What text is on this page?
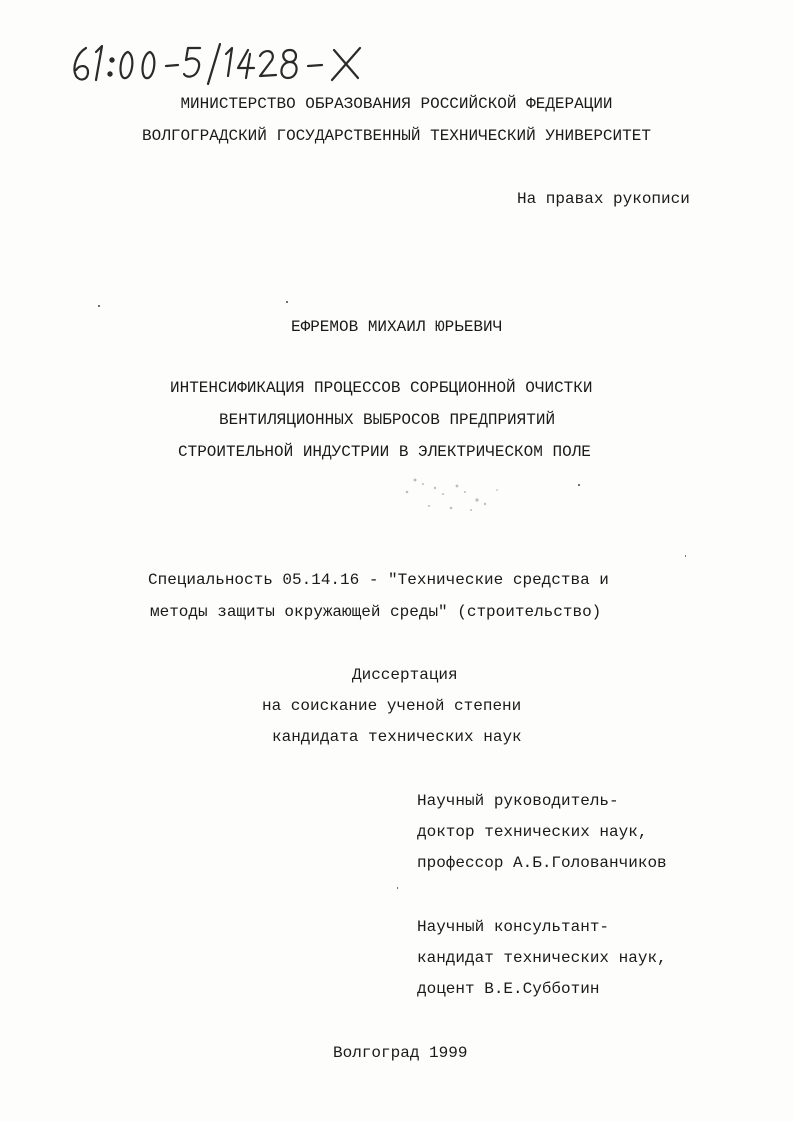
МИНИСТЕРСТВО ОБРАЗОВАНИЯ РОССИЙСКОЙ ФЕДЕРАЦИИ
ВОЛГОГРАДСКИЙ ГОСУДАРСТВЕННЫЙ ТЕХНИЧЕСКИЙ УНИВЕРСИТЕТ
На правах рукописи
ЕФРЕМОВ МИХАИЛ ЮРЬЕВИЧ
ИНТЕНСИФИКАЦИЯ ПРОЦЕССОВ СОРБЦИОННОЙ ОЧИСТКИ
ВЕНТИЛЯЦИОННЫХ ВЫБРОСОВ ПРЕДПРИЯТИЙ
СТРОИТЕЛЬНОЙ ИНДУСТРИИ В ЭЛЕКТРИЧЕСКОМ ПОЛЕ
Специальность 05.14.16 - "Технические средства и
методы защиты окружающей среды" (строительство)
Диссертация
на соискание ученой степени
кандидата технических наук
Научный руководитель-
доктор технических наук,
профессор А.Б.Голованчиков
Научный консультант-
кандидат технических наук,
доцент В.Е.Субботин
Волгоград 1999
